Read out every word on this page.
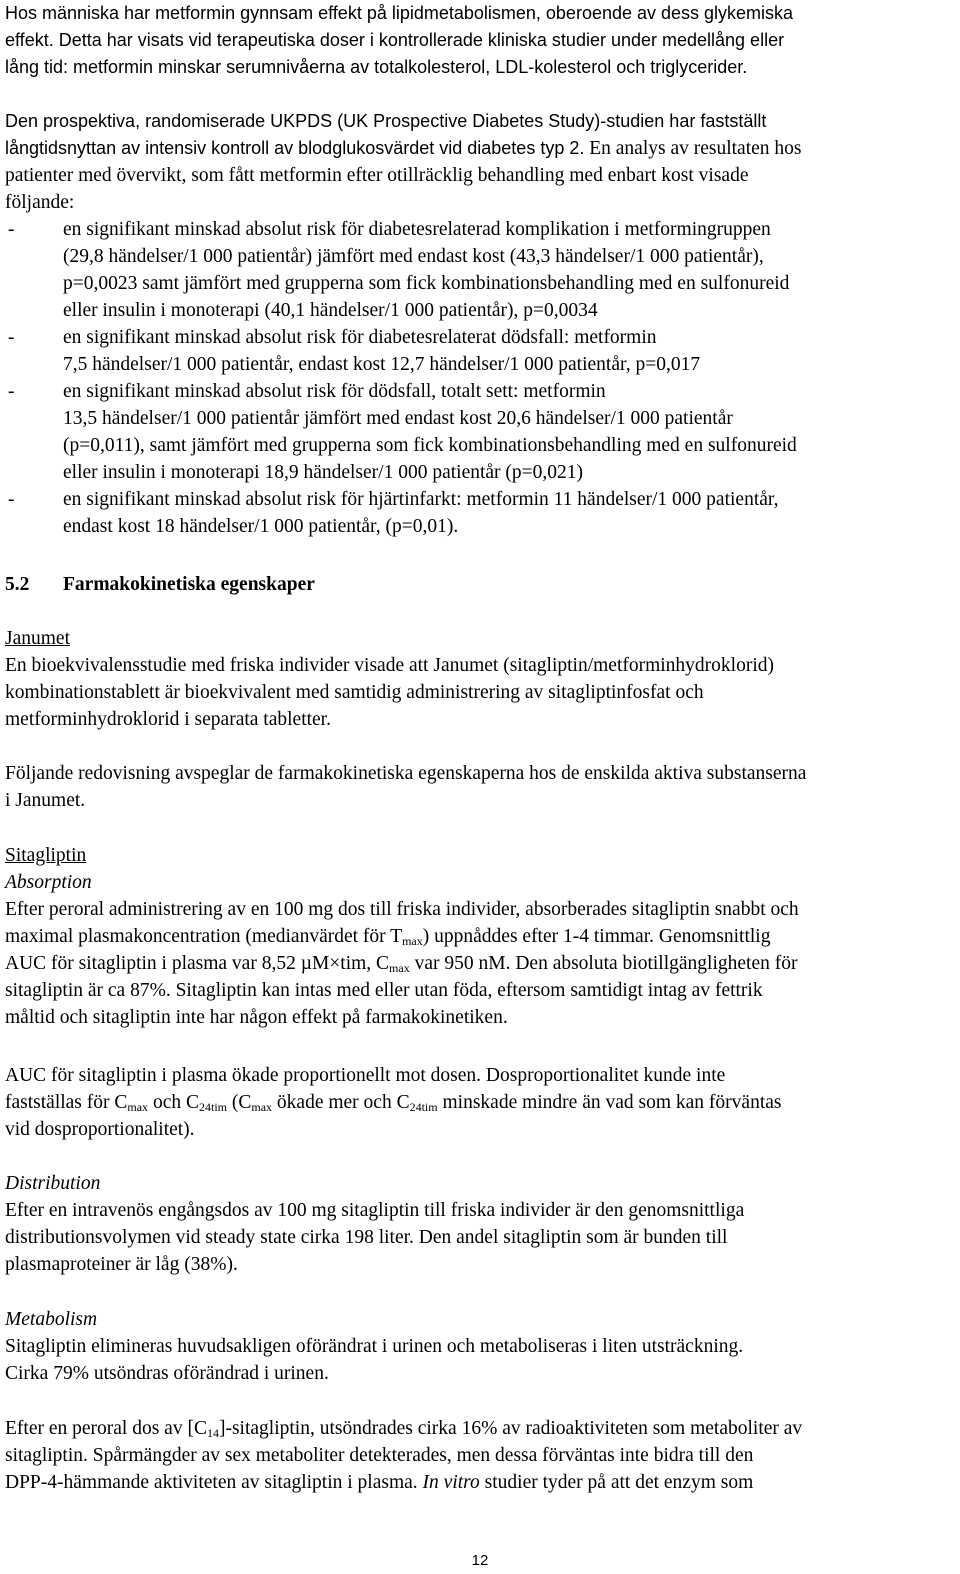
Hos människa har metformin gynnsam effekt på lipidmetabolismen, oberoende av dess glykemiska
effekt. Detta har visats vid terapeutiska doser i kontrollerade kliniska studier under medellång eller
lång tid: metformin minskar serumnivåerna av totalkolesterol, LDL-kolesterol och triglycerider.
Den prospektiva, randomiserade UKPDS (UK Prospective Diabetes Study)-studien har fastställt
långtidsnyttan av intensiv kontroll av blodglukosvärdet vid diabetes typ 2. En analys av resultaten hos
patienter med övervikt, som fått metformin efter otillräcklig behandling med enbart kost visade
följande:
- en signifikant minskad absolut risk för diabetesrelaterad komplikation i metformingruppen
(29,8 händelser/1 000 patientår) jämfört med endast kost (43,3 händelser/1 000 patientår),
p=0,0023 samt jämfört med grupperna som fick kombinationsbehandling med en sulfonureid
eller insulin i monoterapi (40,1 händelser/1 000 patientår), p=0,0034
- en signifikant minskad absolut risk för diabetesrelaterat dödsfall: metformin
7,5 händelser/1 000 patientår, endast kost 12,7 händelser/1 000 patientår, p=0,017
- en signifikant minskad absolut risk för dödsfall, totalt sett: metformin
13,5 händelser/1 000 patientår jämfört med endast kost 20,6 händelser/1 000 patientår
(p=0,011), samt jämfört med grupperna som fick kombinationsbehandling med en sulfonureid
eller insulin i monoterapi 18,9 händelser/1 000 patientår (p=0,021)
- en signifikant minskad absolut risk för hjärtinfarkt: metformin 11 händelser/1 000 patientår,
endast kost 18 händelser/1 000 patientår, (p=0,01).
5.2 Farmakokinetiska egenskaper
Janumet
En bioekvivalensstudie med friska individer visade att Janumet (sitagliptin/metforminhydroklorid)
kombinationstablett är bioekvivalent med samtidig administrering av sitagliptinfosfat och
metforminhydroklorid i separata tabletter.
Följande redovisning avspeglar de farmakokinetiska egenskaperna hos de enskilda aktiva substanserna
i Janumet.
Sitagliptin
Absorption
Efter peroral administrering av en 100 mg dos till friska individer, absorberades sitagliptin snabbt och
maximal plasmakoncentration (medianvärdet för $T_{max}$) uppnåddes efter 1-4 timmar. Genomsnittlig
AUC för sitagliptin i plasma var 8,52 µM×tim, $C_{max}$ var 950 nM. Den absoluta biotillgängligheten för
sitagliptin är ca 87%. Sitagliptin kan intas med eller utan föda, eftersom samtidigt intag av fettrik
måltid och sitagliptin inte har någon effekt på farmakokinetiken.
AUC för sitagliptin i plasma ökade proportionellt mot dosen. Dosproportionalitet kunde inte
fastställas för $C_{max}$ och $C_{24tim}$ ($C_{max}$ ökade mer och $C_{24tim}$ minskade mindre än vad som kan förväntas
vid dosproportionalitet).
Distribution
Efter en intravenös engångsdos av 100 mg sitagliptin till friska individer är den genomsnittliga
distributionsvolymen vid steady state cirka 198 liter. Den andel sitagliptin som är bunden till
plasmaproteiner är låg (38%).
Metabolism
Sitagliptin elimineras huvudsakligen oförändrat i urinen och metaboliseras i liten utsträckning.
Cirka 79% utsöndras oförändrad i urinen.
Efter en peroral dos av $[C_{14}]$-sitagliptin, utsöndrades cirka 16% av radioaktiviteten som metaboliter av
sitagliptin. Spårmängder av sex metaboliter detekterades, men dessa förväntas inte bidra till den
DPP-4-hämmande aktiviteten av sitagliptin i plasma. In vitro studier tyder på att det enzym som
12
